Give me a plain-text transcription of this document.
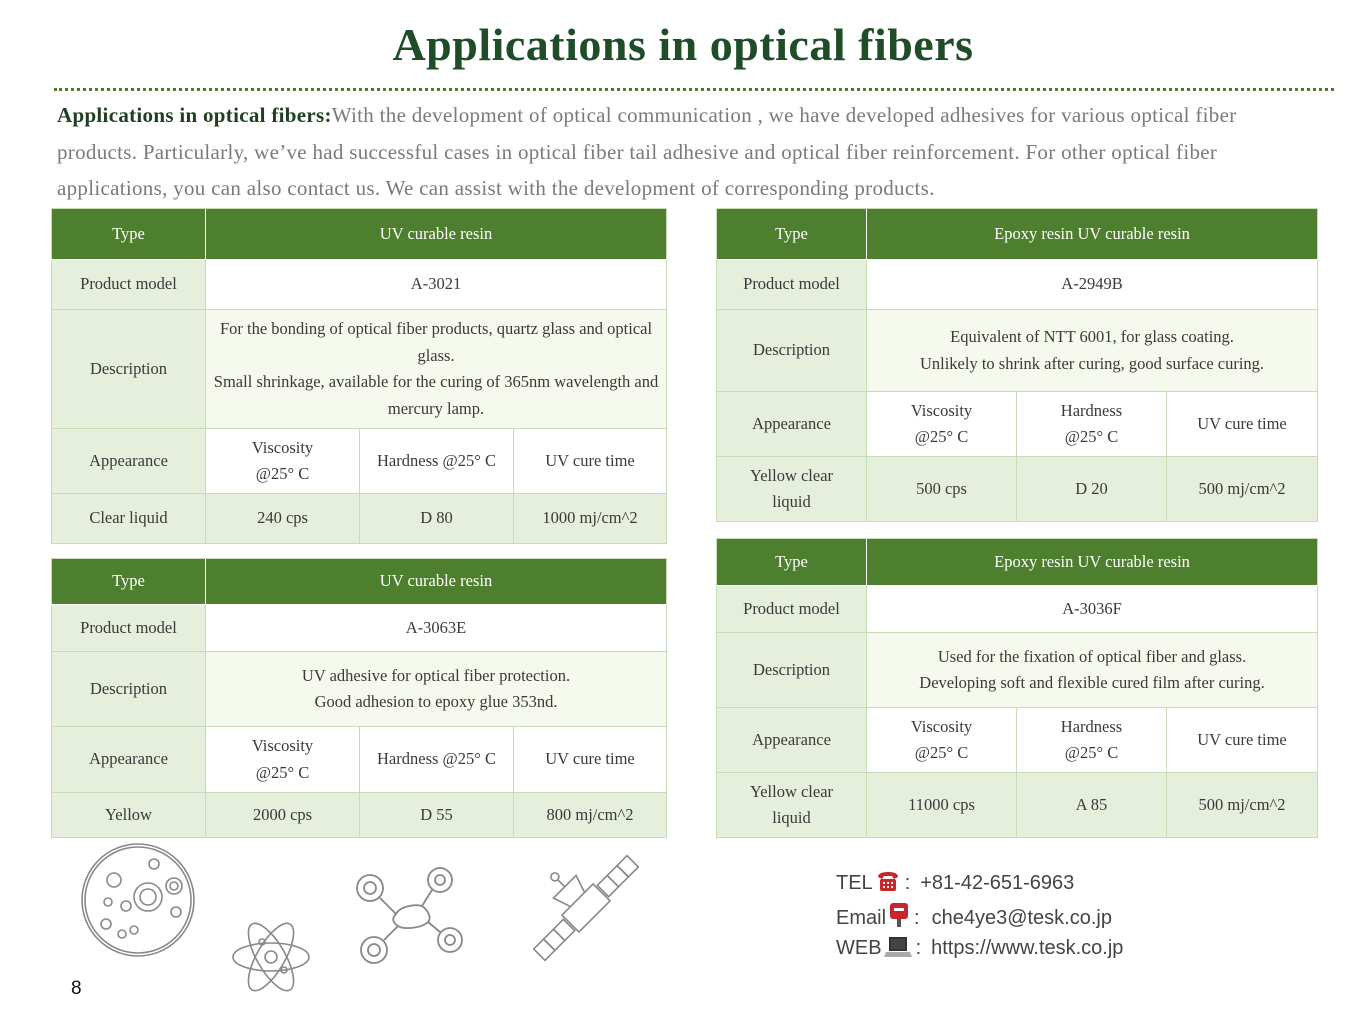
Applications in optical fibers
Applications in optical fibers:With the development of optical communication , we have developed adhesives for various optical fiber products. Particularly, we’ve had successful cases in optical fiber tail adhesive and optical fiber reinforcement. For other optical fiber applications, you can also contact us. We can assist with the development of corresponding products.
Type	UV curable resin		
Product model	A-3021		
Description	For the bonding of optical fiber products, quartz glass and optical glass.
Small shrinkage, available for the curing of 365nm wavelength and mercury lamp.		
Appearance	Viscosity @25° C	Hardness @25° C	UV cure time
Clear liquid	240 cps	D 80	1000 mj/cm^2
Type	UV curable resin		
Product model	A-3063E		
Description	UV adhesive for optical fiber protection.
Good adhesion to epoxy glue 353nd.		
Appearance	Viscosity @25° C	Hardness @25° C	UV cure time
Yellow	2000 cps	D 55	800 mj/cm^2
Type	Epoxy resin UV curable resin		
Product model	A-2949B		
Description	Equivalent of NTT 6001, for glass coating.
Unlikely to shrink after curing, good surface curing.		
Appearance	Viscosity @25° C	Hardness @25° C	UV cure time
Yellow clear liquid	500 cps	D 20	500 mj/cm^2
Type	Epoxy resin UV curable resin		
Product model	A-3036F		
Description	Used for the fixation of optical fiber and glass.
Developing soft and flexible cured film after curing.		
Appearance	Viscosity @25° C	Hardness @25° C	UV cure time
Yellow clear liquid	11000 cps	A 85	500 mj/cm^2
TEL : +81-42-651-6963
Email : che4ye3@tesk.co.jp
WEB : https://www.tesk.co.jp
8
